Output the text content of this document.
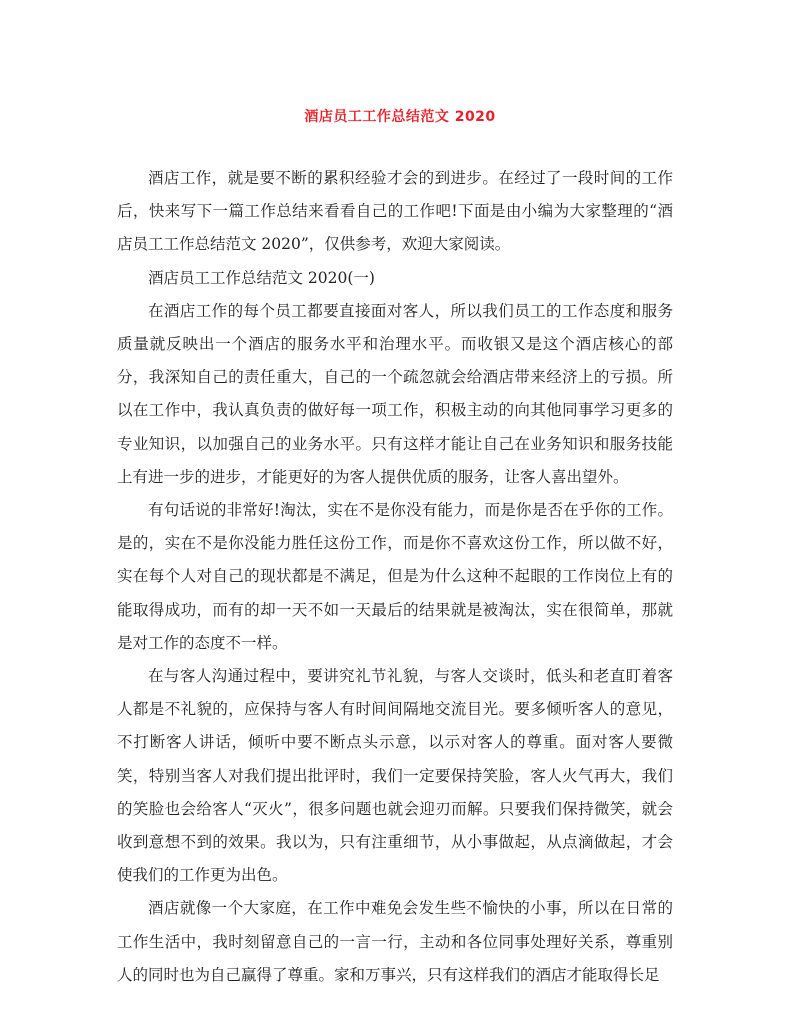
酒店员工工作总结范文 2020

酒店工作，就是要不断的累积经验才会的到进步。在经过了一段时间的工作后，快来写下一篇工作总结来看看自己的工作吧!下面是由小编为大家整理的“酒店员工工作总结范文 2020”，仅供参考，欢迎大家阅读。

酒店员工工作总结范文 2020(一)

在酒店工作的每个员工都要直接面对客人，所以我们员工的工作态度和服务质量就反映出一个酒店的服务水平和治理水平。而收银又是这个酒店核心的部分，我深知自己的责任重大，自己的一个疏忽就会给酒店带来经济上的亏损。所以在工作中，我认真负责的做好每一项工作，积极主动的向其他同事学习更多的专业知识，以加强自己的业务水平。只有这样才能让自己在业务知识和服务技能上有进一步的进步，才能更好的为客人提供优质的服务，让客人喜出望外。

有句话说的非常好!淘汰，实在不是你没有能力，而是你是否在乎你的工作。是的，实在不是你没能力胜任这份工作，而是你不喜欢这份工作，所以做不好，实在每个人对自己的现状都是不满足，但是为什么这种不起眼的工作岗位上有的能取得成功，而有的却一天不如一天最后的结果就是被淘汰，实在很简单，那就是对工作的态度不一样。

在与客人沟通过程中，要讲究礼节礼貌，与客人交谈时，低头和老直盯着客人都是不礼貌的，应保持与客人有时间间隔地交流目光。要多倾听客人的意见，不打断客人讲话，倾听中要不断点头示意，以示对客人的尊重。面对客人要微笑，特别当客人对我们提出批评时，我们一定要保持笑脸，客人火气再大，我们的笑脸也会给客人“灭火”，很多问题也就会迎刃而解。只要我们保持微笑，就会收到意想不到的效果。我以为，只有注重细节，从小事做起，从点滴做起，才会使我们的工作更为出色。

酒店就像一个大家庭，在工作中难免会发生些不愉快的小事，所以在日常的工作生活中，我时刻留意自己的一言一行，主动和各位同事处理好关系，尊重别人的同时也为自己赢得了尊重。家和万事兴，只有这样我们的酒店才能取得长足
